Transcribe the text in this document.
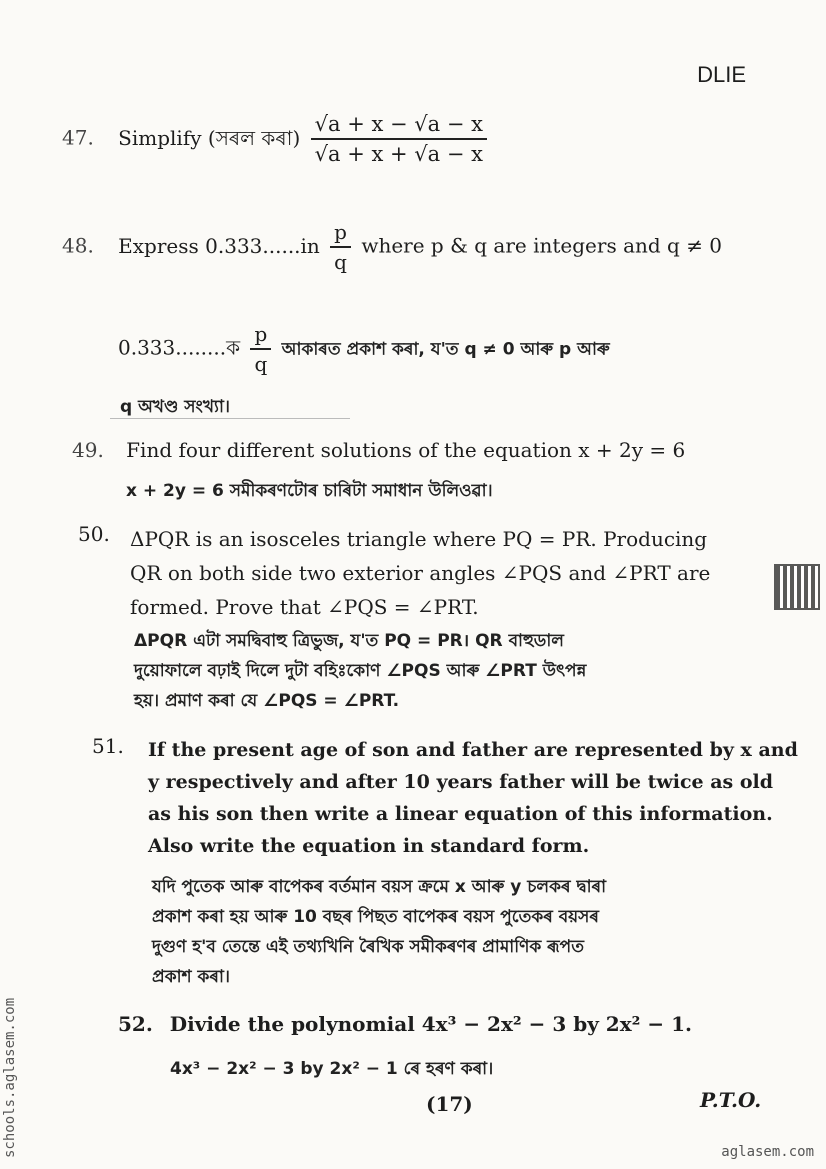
DLIE
47. Simplify (সৰল কৰা) $\frac{√a + x - √a - x}{√a + x + √a - x}$
48. Express $0.333......in \frac{p}{q}$ where p & q are integers and q ≠ 0
0.333........ক $\frac{p}{q}$ আকাৰত প্ৰকাশ কৰা, য'ত q ≠ 0 আৰু p আৰু
q অখণ্ড সংখ্যা।
49. Find four different solutions of the equation x + 2y = 6
x + 2y = 6 সমীকৰণটোৰ চাৰিটা সমাধান উলিওৱা।
50. ΔPQR is an isosceles triangle where PQ = PR. Producing
QR on both side two exterior angles ∠PQS and ∠PRT are
formed. Prove that ∠PQS = ∠PRT.
ΔPQR এটা সমদ্বিবাহু ত্ৰিভুজ, য'ত PQ = PR। QR বাহুডাল
দুয়োফালে বঢ়াই দিলে দুটা বহিঃকোণ ∠PQS আৰু ∠PRT উৎপন্ন
হয়। প্ৰমাণ কৰা যে ∠PQS = ∠PRT.
51. If the present age of son and father are represented by x and
y respectively and after 10 years father will be twice as old
as his son then write a linear equation of this information.
Also write the equation in standard form.
যদি পুতেক আৰু বাপেকৰ বৰ্তমান বয়স ক্ৰমে x আৰু y চলকৰ দ্বাৰা
প্ৰকাশ কৰা হয় আৰু 10 বছৰ পিছত বাপেকৰ বয়স পুতেকৰ বয়সৰ
দুগুণ হ'ব তেন্তে এই তথ্যখিনি ৰৈখিক সমীকৰণৰ প্ৰামাণিক ৰূপত
প্ৰকাশ কৰা।
52. Divide the polynomial 4x³ − 2x² − 3 by 2x² − 1.
4x³ − 2x² − 3 by 2x² − 1 ৰে হৰণ কৰা।
(17)	P.T.O.
schools.aglasem.com	aglasem.com
